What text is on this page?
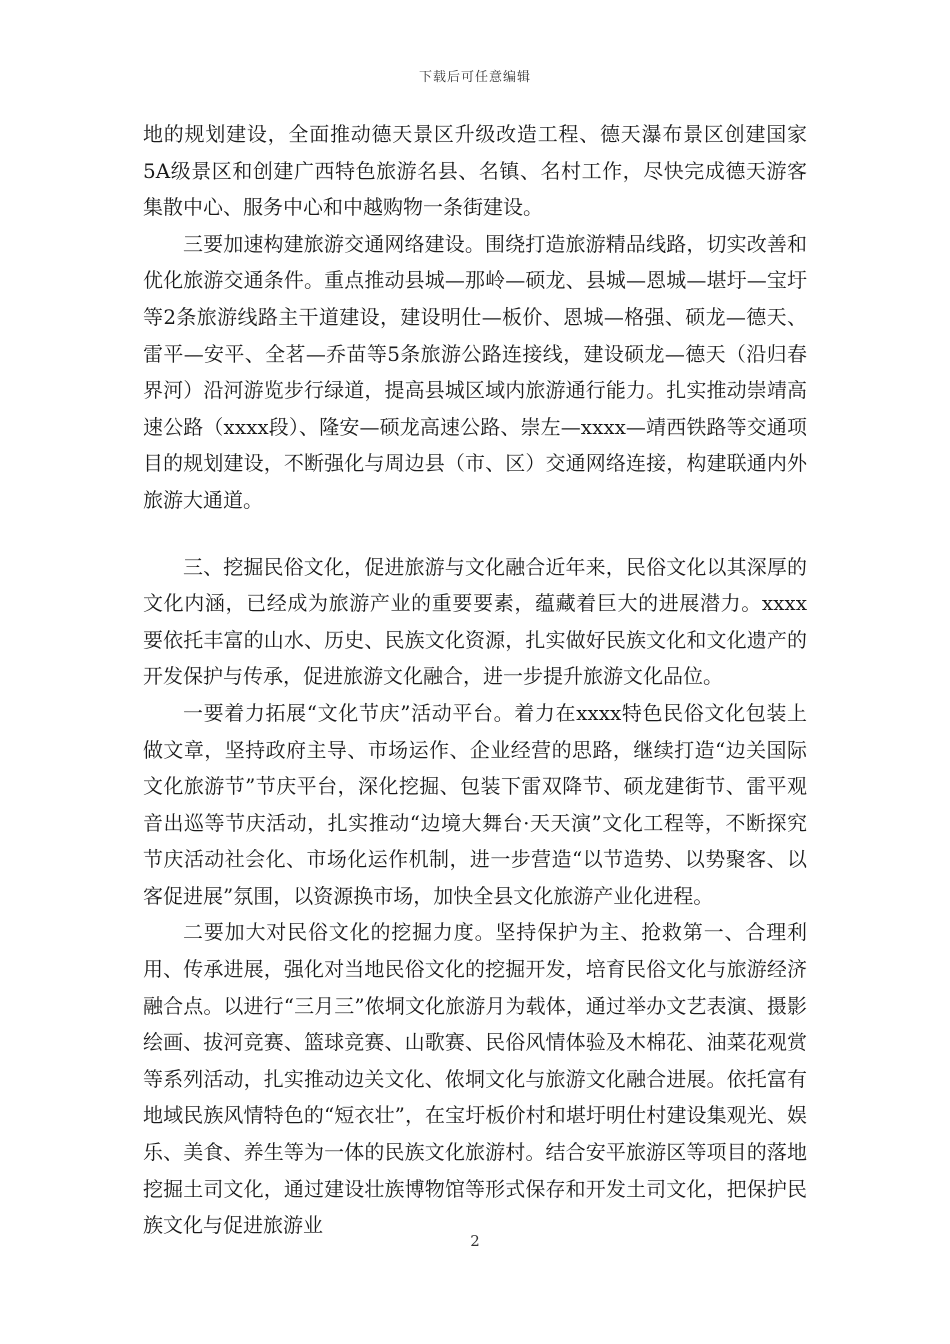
下载后可任意编辑

地的规划建设，全面推动德天景区升级改造工程、德天瀑布景区创建国家5A级景区和创建广西特色旅游名县、名镇、名村工作，尽快完成德天游客集散中心、服务中心和中越购物一条街建设。

三要加速构建旅游交通网络建设。围绕打造旅游精品线路，切实改善和优化旅游交通条件。重点推动县城—那岭—硕龙、县城—恩城—堪圩—宝圩等2条旅游线路主干道建设，建设明仕—板价、恩城—格强、硕龙—德天、雷平—安平、全茗—乔苗等5条旅游公路连接线，建设硕龙—德天（沿归春界河）沿河游览步行绿道，提高县城区域内旅游通行能力。扎实推动崇靖高速公路（xxxx段）、隆安—硕龙高速公路、崇左—xxxx—靖西铁路等交通项目的规划建设，不断强化与周边县（市、区）交通网络连接，构建联通内外旅游大通道。

三、挖掘民俗文化，促进旅游与文化融合近年来，民俗文化以其深厚的文化内涵，已经成为旅游产业的重要要素，蕴藏着巨大的进展潜力。xxxx要依托丰富的山水、历史、民族文化资源，扎实做好民族文化和文化遗产的开发保护与传承，促进旅游文化融合，进一步提升旅游文化品位。

一要着力拓展“文化节庆”活动平台。着力在xxxx特色民俗文化包装上做文章，坚持政府主导、市场运作、企业经营的思路，继续打造“边关国际文化旅游节”节庆平台，深化挖掘、包装下雷双降节、硕龙建街节、雷平观音出巡等节庆活动，扎实推动“边境大舞台·天天演”文化工程等，不断探究节庆活动社会化、市场化运作机制，进一步营造“以节造势、以势聚客、以客促进展”氛围，以资源换市场，加快全县文化旅游产业化进程。

二要加大对民俗文化的挖掘力度。坚持保护为主、抢救第一、合理利用、传承进展，强化对当地民俗文化的挖掘开发，培育民俗文化与旅游经济融合点。以进行“三月三”侬垌文化旅游月为载体，通过举办文艺表演、摄影绘画、拔河竞赛、篮球竞赛、山歌赛、民俗风情体验及木棉花、油菜花观赏等系列活动，扎实推动边关文化、侬垌文化与旅游文化融合进展。依托富有地域民族风情特色的“短衣壮”，在宝圩板价村和堪圩明仕村建设集观光、娱乐、美食、养生等为一体的民族文化旅游村。结合安平旅游区等项目的落地挖掘土司文化，通过建设壮族博物馆等形式保存和开发土司文化，把保护民族文化与促进旅游业

2
